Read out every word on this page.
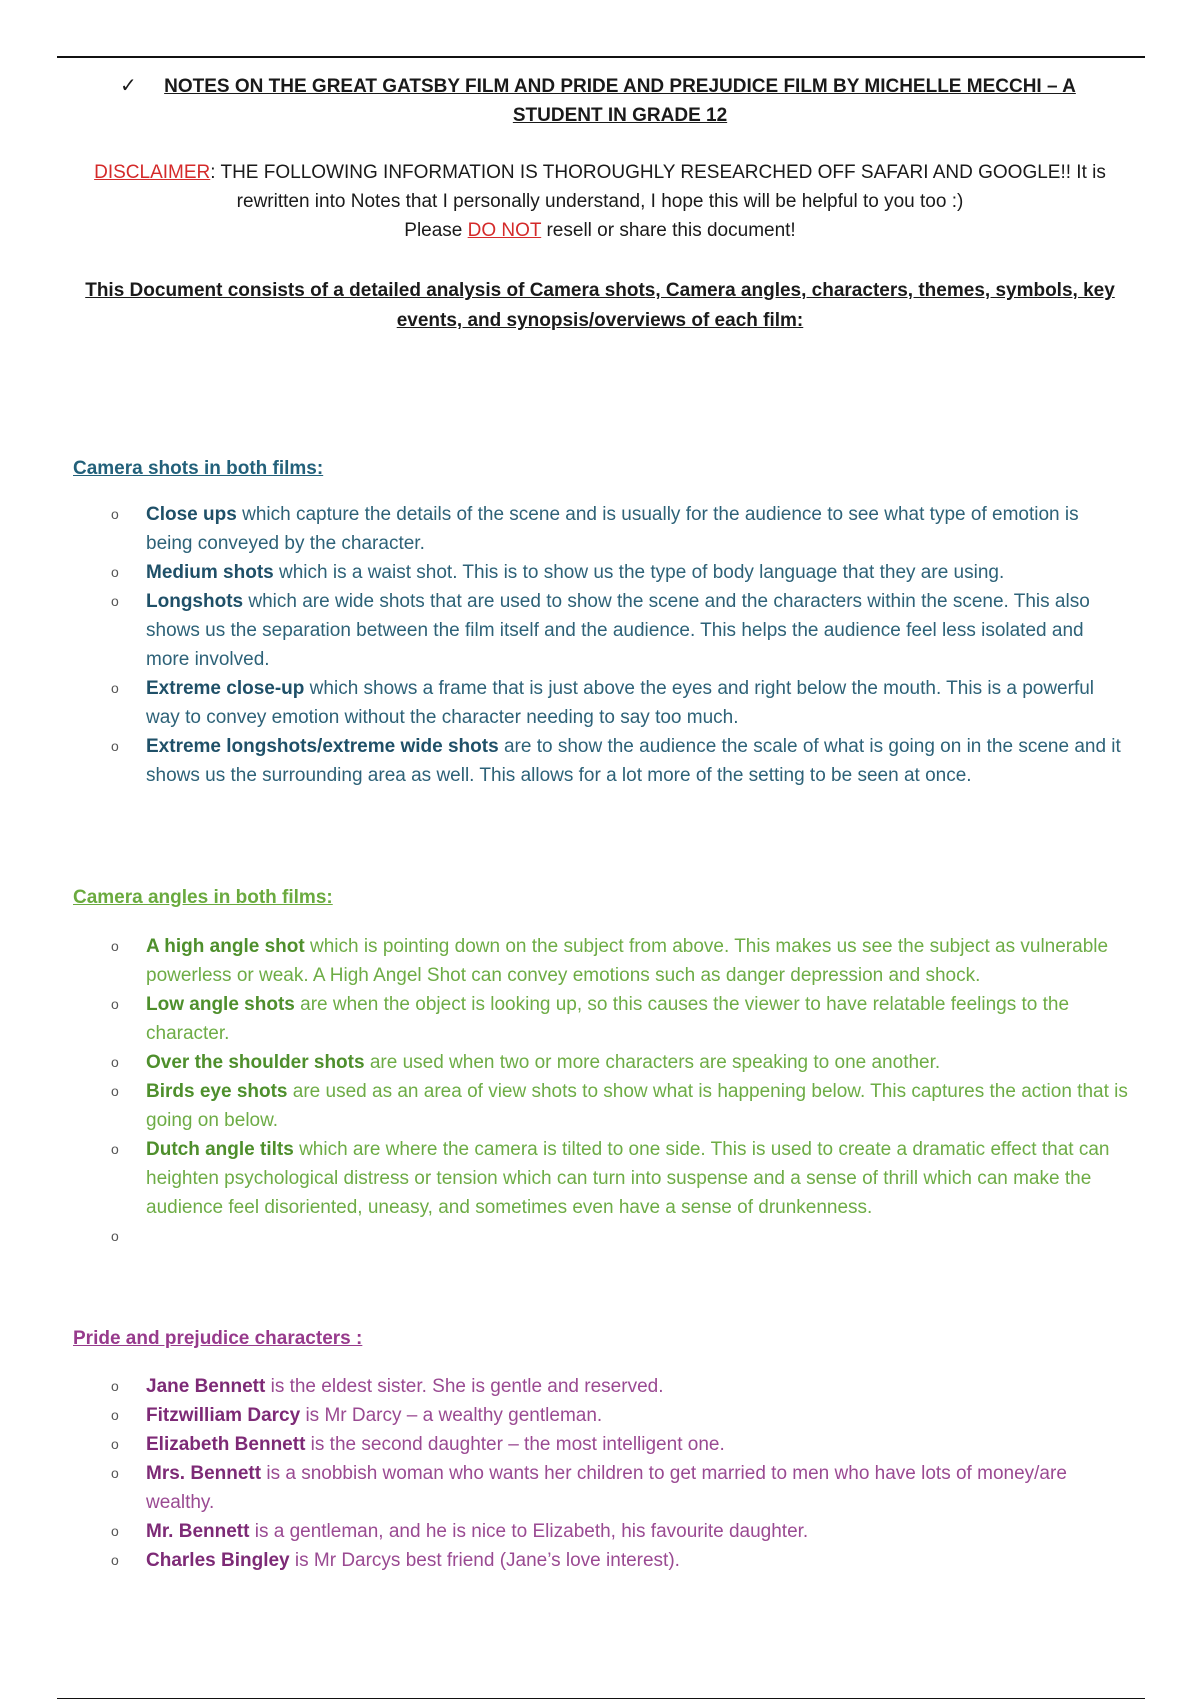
✓ NOTES ON THE GREAT GATSBY FILM AND PRIDE AND PREJUDICE FILM BY MICHELLE MECCHI – A STUDENT IN GRADE 12
DISCLAIMER: THE FOLLOWING INFORMATION IS THOROUGHLY RESEARCHED OFF SAFARI AND GOOGLE!! It is rewritten into Notes that I personally understand, I hope this will be helpful to you too :)
Please DO NOT resell or share this document!
This Document consists of a detailed analysis of Camera shots, Camera angles, characters, themes, symbols, key events, and synopsis/overviews of each film:
Camera shots in both films:
o Close ups which capture the details of the scene and is usually for the audience to see what type of emotion is being conveyed by the character.
o Medium shots which is a waist shot. This is to show us the type of body language that they are using.
o Longshots which are wide shots that are used to show the scene and the characters within the scene. This also shows us the separation between the film itself and the audience. This helps the audience feel less isolated and more involved.
o Extreme close-up which shows a frame that is just above the eyes and right below the mouth. This is a powerful way to convey emotion without the character needing to say too much.
o Extreme longshots/extreme wide shots are to show the audience the scale of what is going on in the scene and it shows us the surrounding area as well. This allows for a lot more of the setting to be seen at once.
Camera angles in both films:
o A high angle shot which is pointing down on the subject from above. This makes us see the subject as vulnerable powerless or weak. A High Angel Shot can convey emotions such as danger depression and shock.
o Low angle shots are when the object is looking up, so this causes the viewer to have relatable feelings to the character.
o Over the shoulder shots are used when two or more characters are speaking to one another.
o Birds eye shots are used as an area of view shots to show what is happening below. This captures the action that is going on below.
o Dutch angle tilts which are where the camera is tilted to one side. This is used to create a dramatic effect that can heighten psychological distress or tension which can turn into suspense and a sense of thrill which can make the audience feel disoriented, uneasy, and sometimes even have a sense of drunkenness.
o
Pride and prejudice characters :
o Jane Bennett is the eldest sister. She is gentle and reserved.
o Fitzwilliam Darcy is Mr Darcy – a wealthy gentleman.
o Elizabeth Bennett is the second daughter – the most intelligent one.
o Mrs. Bennett is a snobbish woman who wants her children to get married to men who have lots of money/are wealthy.
o Mr. Bennett is a gentleman, and he is nice to Elizabeth, his favourite daughter.
o Charles Bingley is Mr Darcys best friend (Jane’s love interest).
